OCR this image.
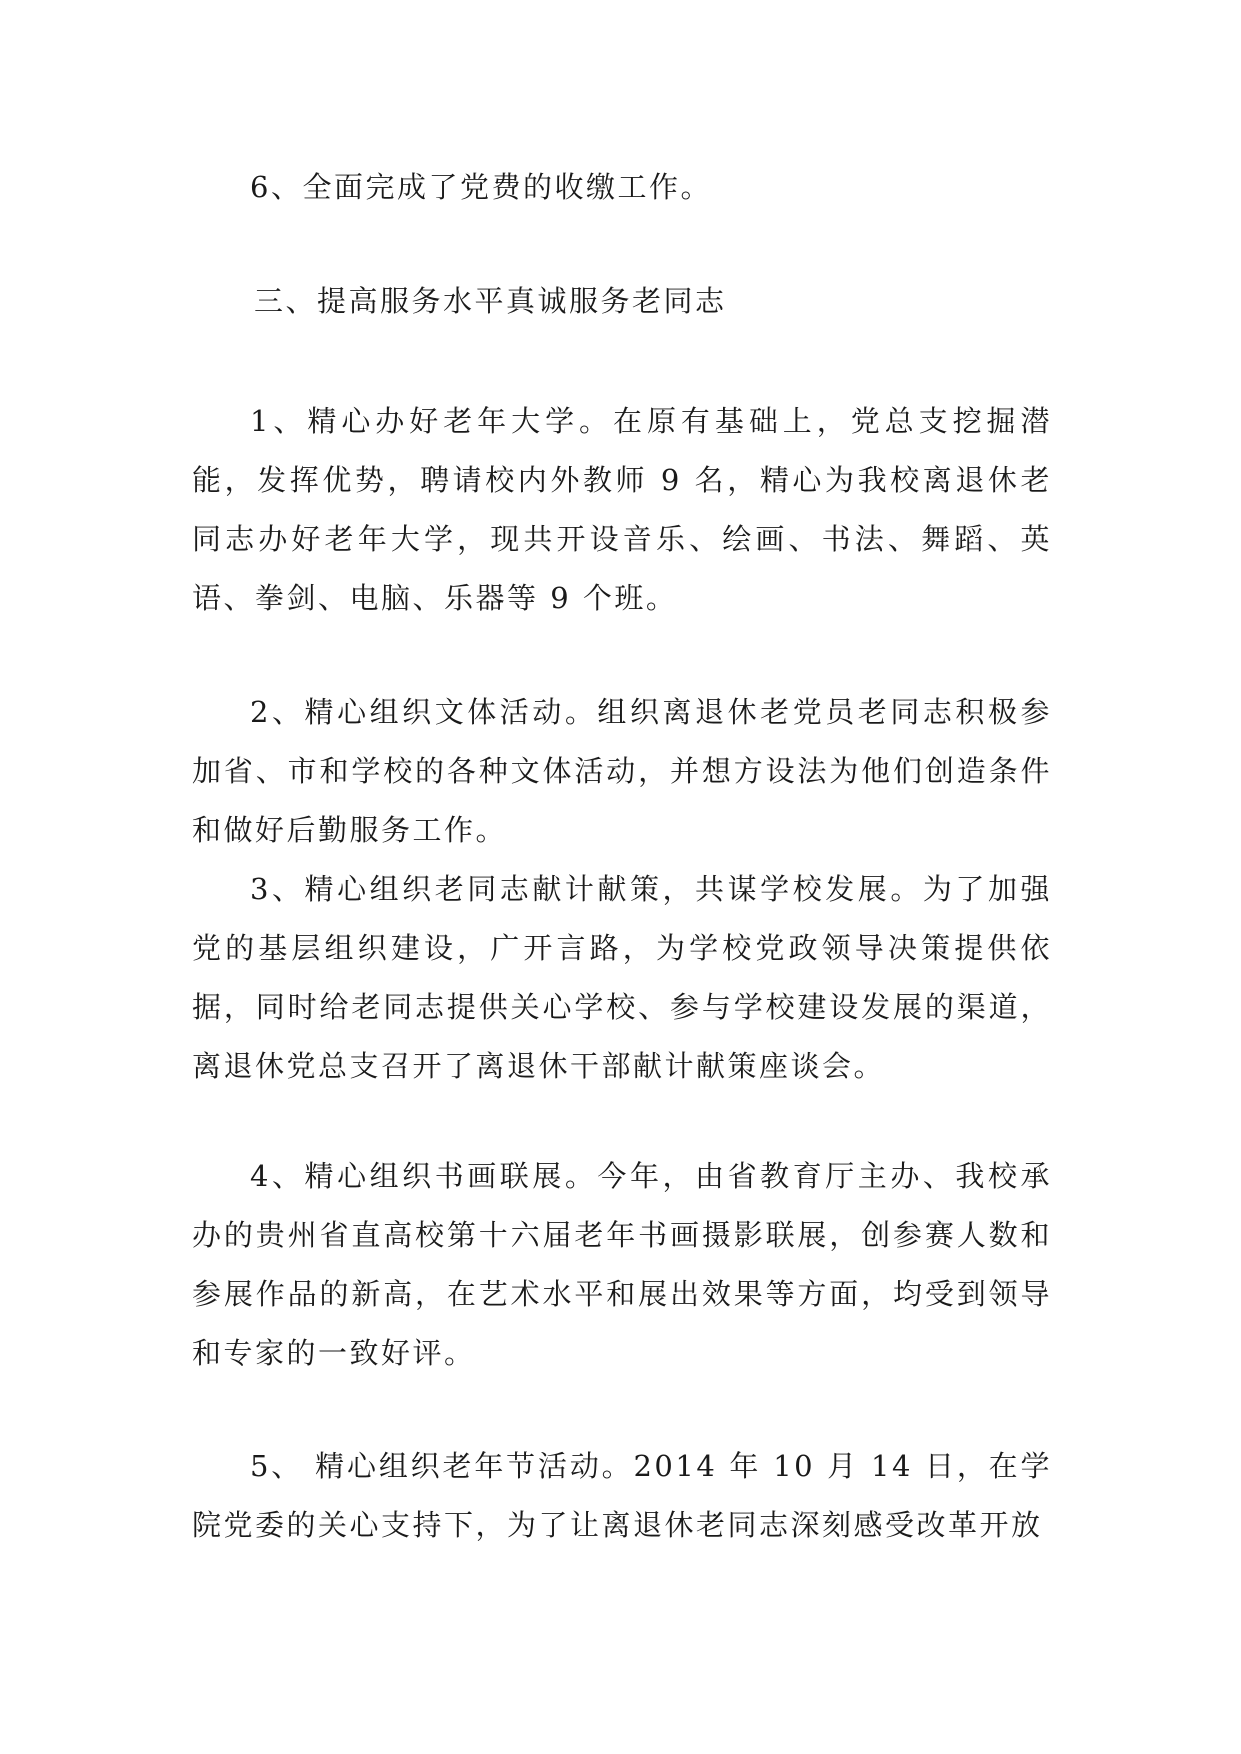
6、全面完成了党费的收缴工作。

三、提高服务水平真诚服务老同志

1、精心办好老年大学。在原有基础上，党总支挖掘潜能，发挥优势，聘请校内外教师 9 名，精心为我校离退休老同志办好老年大学，现共开设音乐、绘画、书法、舞蹈、英语、拳剑、电脑、乐器等 9 个班。

2、精心组织文体活动。组织离退休老党员老同志积极参加省、市和学校的各种文体活动，并想方设法为他们创造条件和做好后勤服务工作。

3、精心组织老同志献计献策，共谋学校发展。为了加强党的基层组织建设，广开言路，为学校党政领导决策提供依据，同时给老同志提供关心学校、参与学校建设发展的渠道，离退休党总支召开了离退休干部献计献策座谈会。

4、精心组织书画联展。今年，由省教育厅主办、我校承办的贵州省直高校第十六届老年书画摄影联展，创参赛人数和参展作品的新高，在艺术水平和展出效果等方面，均受到领导和专家的一致好评。

5、 精心组织老年节活动。2014 年 10 月 14 日，在学院党委的关心支持下，为了让离退休老同志深刻感受改革开放
